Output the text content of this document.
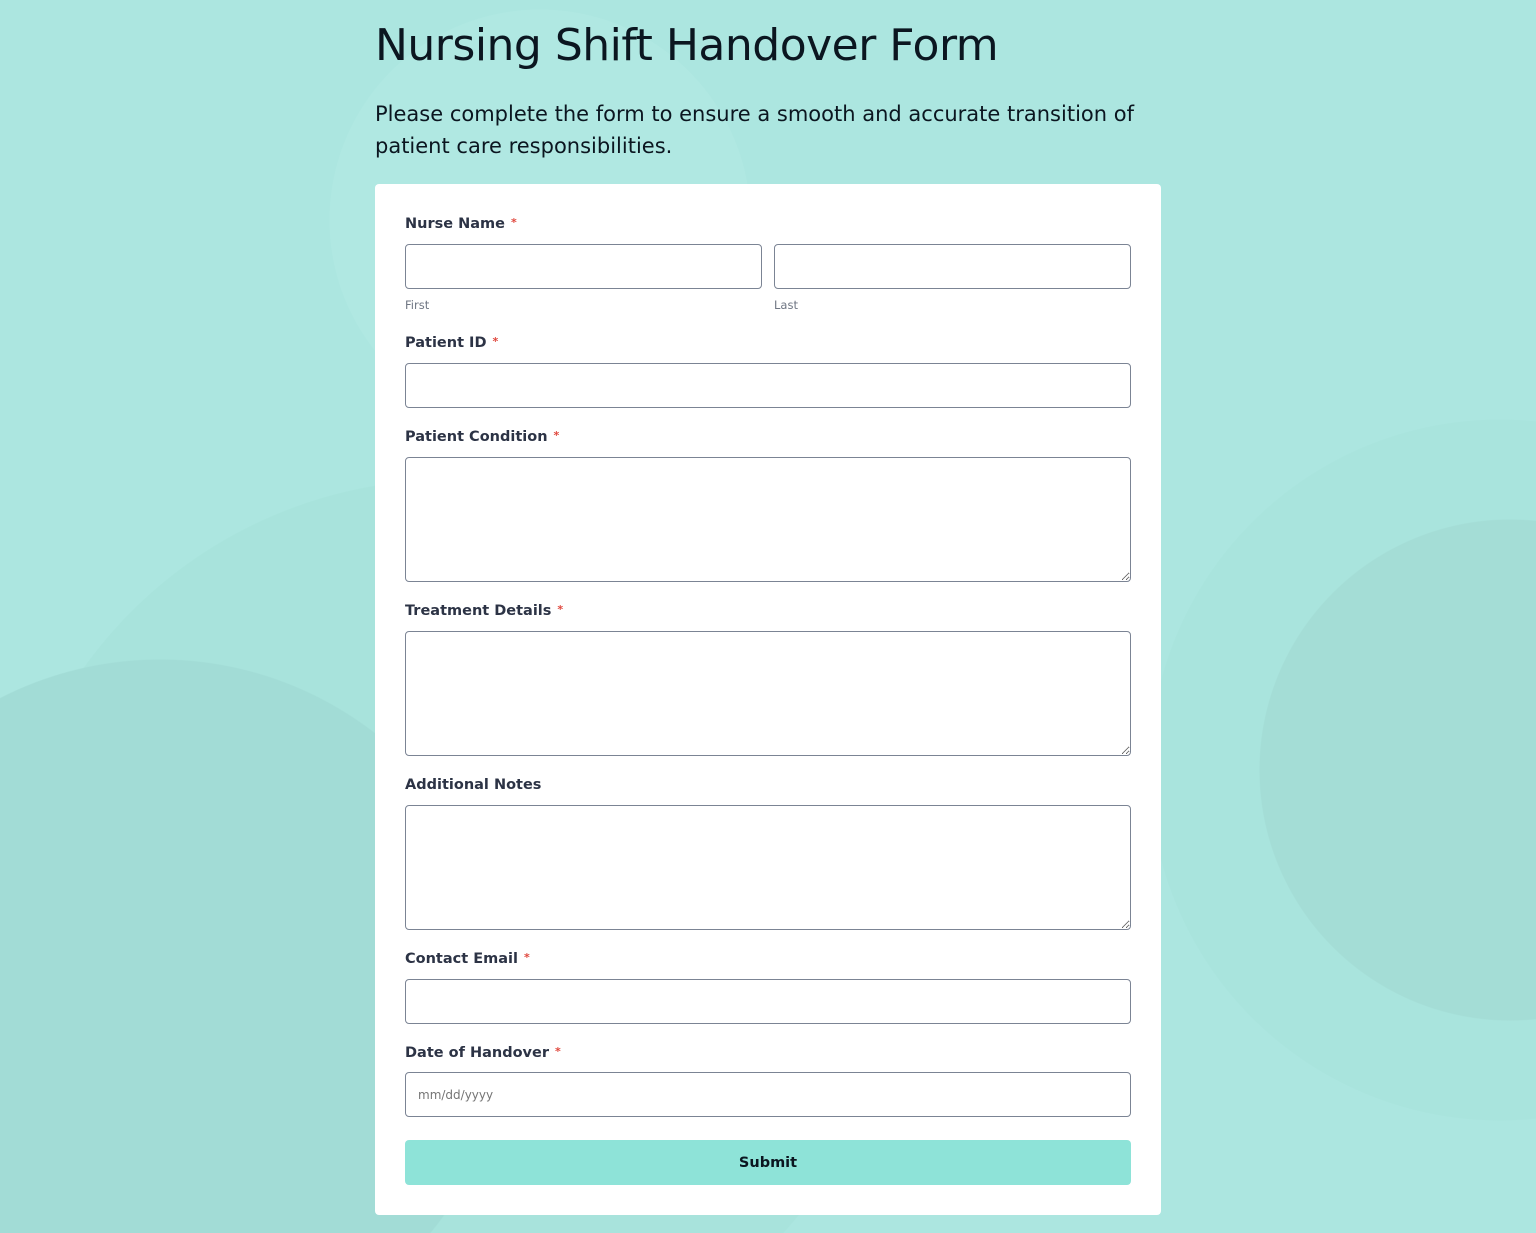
Nursing Shift Handover Form

Please complete the form to ensure a smooth and accurate transition of patient care responsibilities.

Nurse Name *
First	Last
Patient ID *
Patient Condition *
Treatment Details *
Additional Notes
Contact Email *
Date of Handover *
mm/dd/yyyy
Submit
